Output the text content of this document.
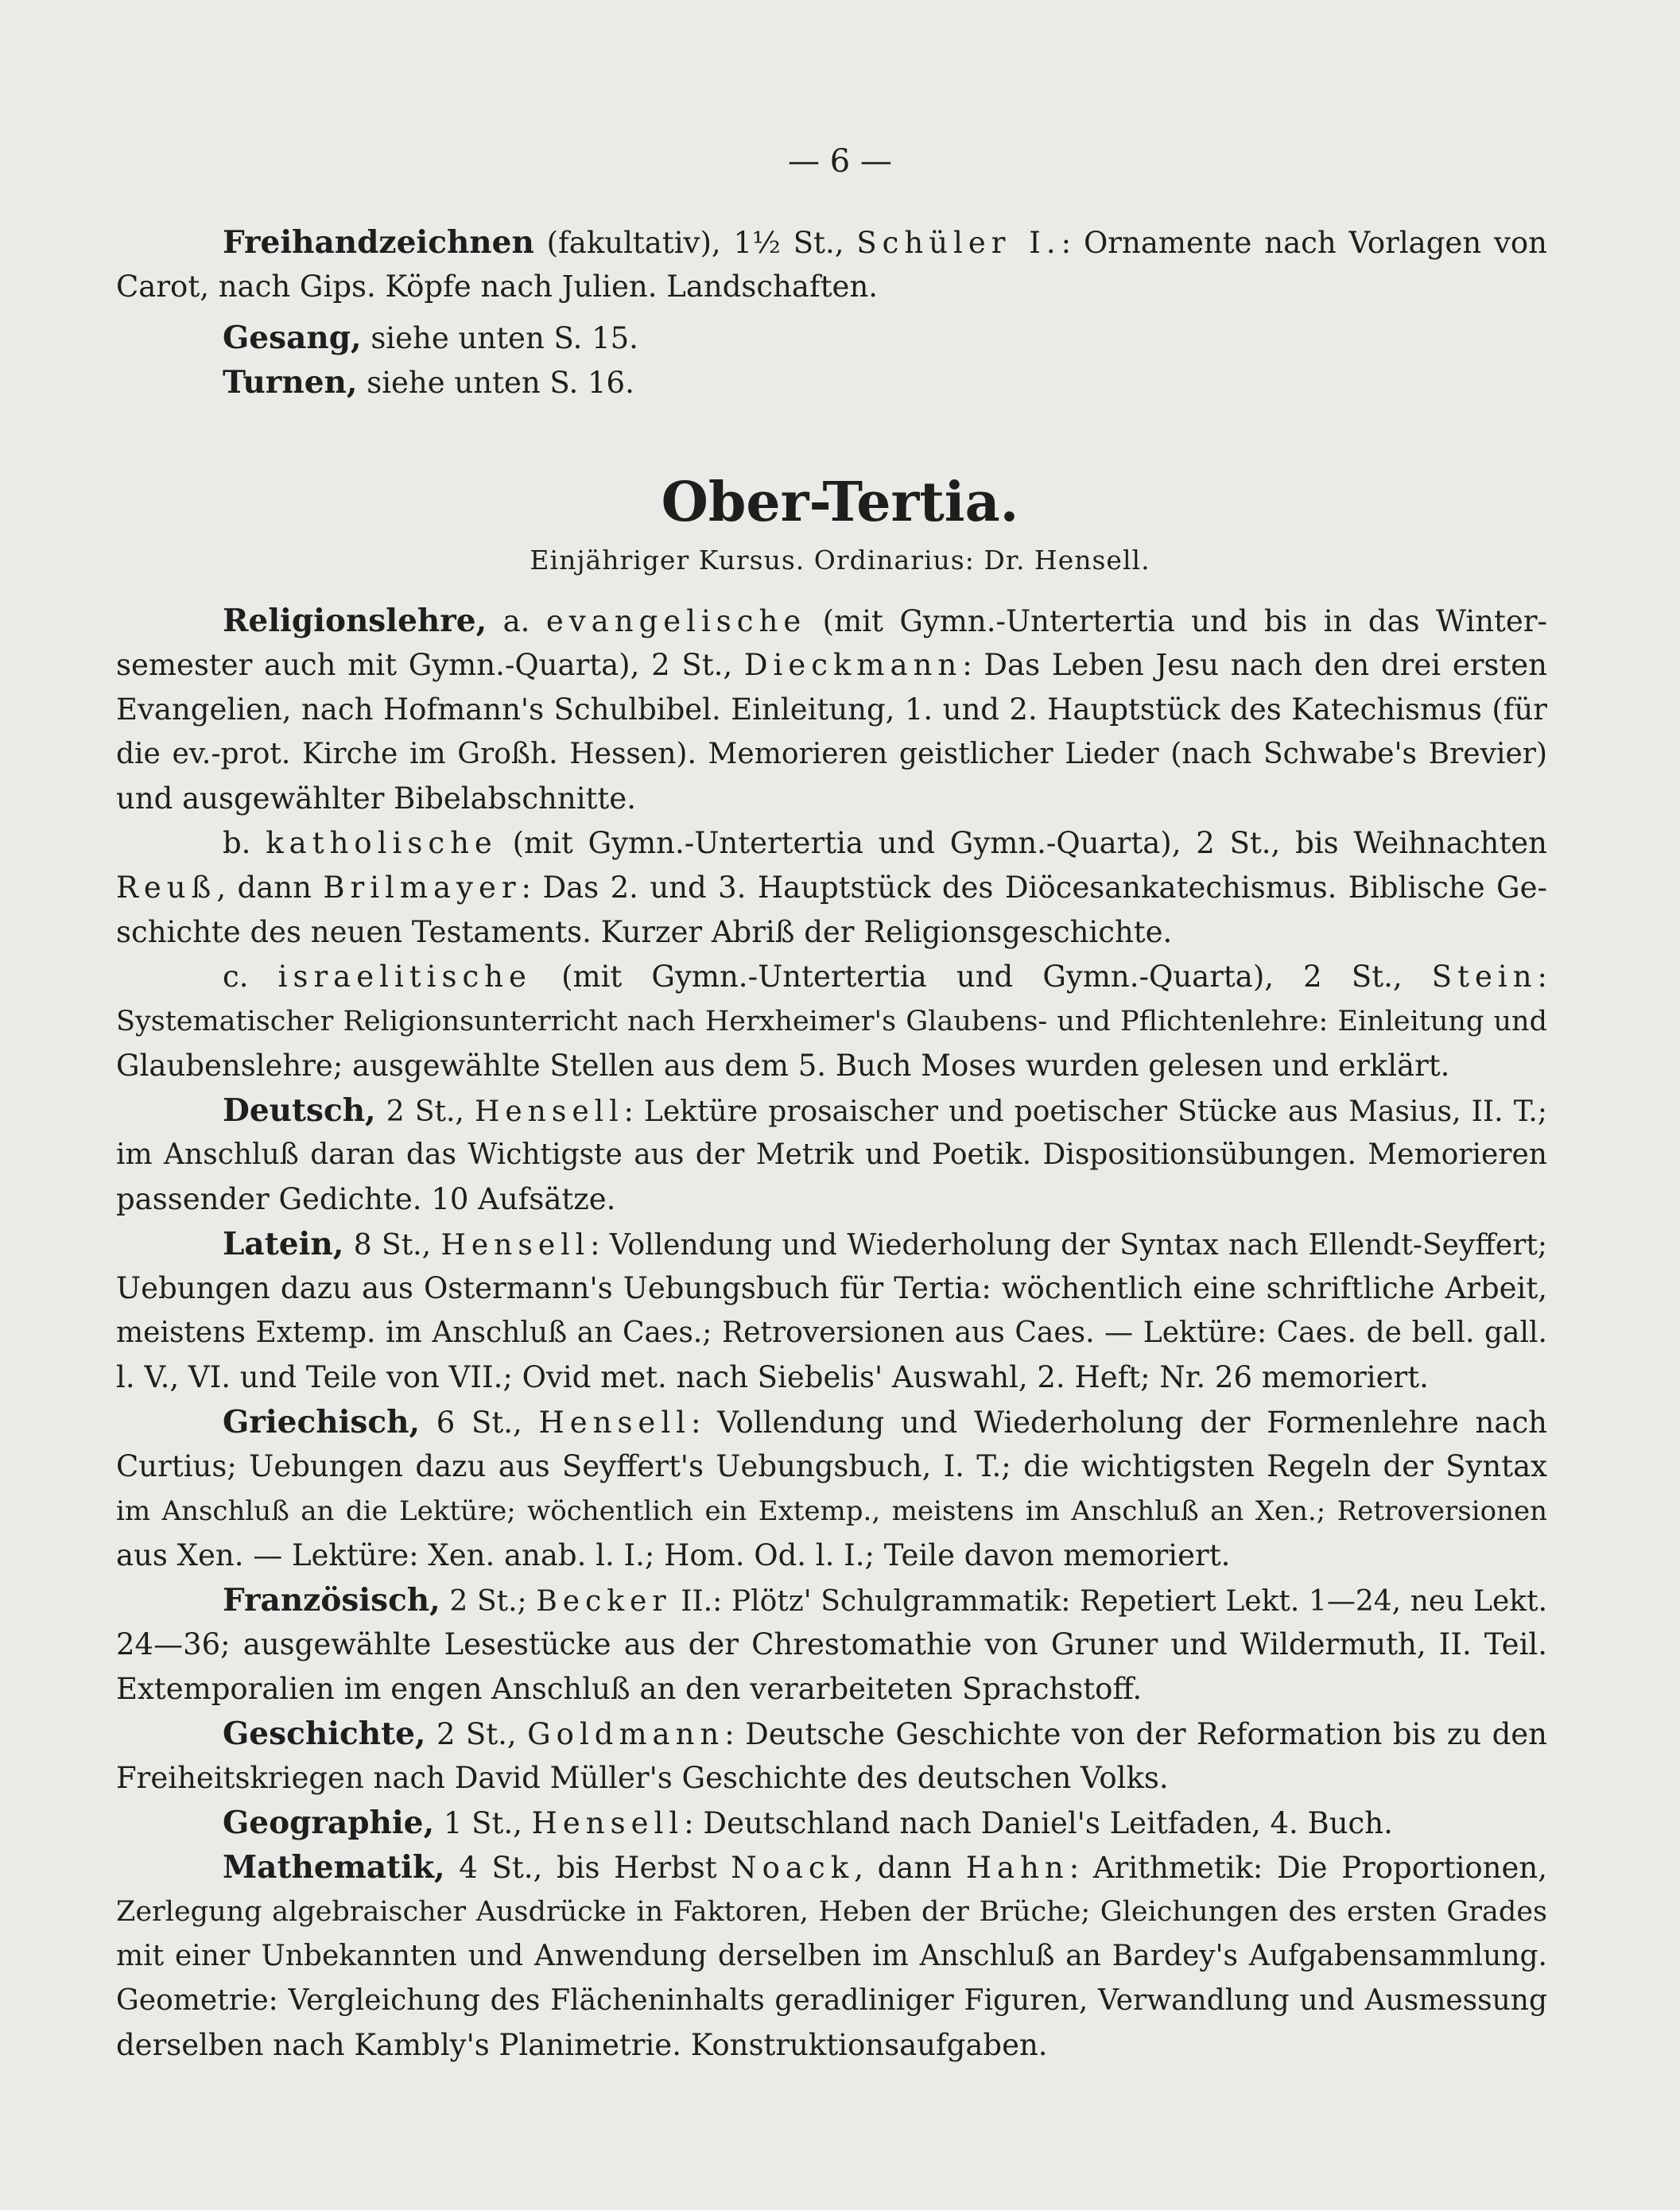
— 6 —
Freihandzeichnen (fakultativ), 1½ St., Schüler I.: Ornamente nach Vorlagen von
Carot, nach Gips. Köpfe nach Julien. Landschaften.
Gesang, siehe unten S. 15.
Turnen, siehe unten S. 16.
Ober-Tertia.
Einjähriger Kursus. Ordinarius: Dr. Hensell.
Religionslehre, a. evangelische (mit Gymn.-Untertertia und bis in das Winter-
semester auch mit Gymn.-Quarta), 2 St., Dieckmann: Das Leben Jesu nach den drei ersten
Evangelien, nach Hofmann's Schulbibel. Einleitung, 1. und 2. Hauptstück des Katechismus (für
die ev.-prot. Kirche im Großh. Hessen). Memorieren geistlicher Lieder (nach Schwabe's Brevier)
und ausgewählter Bibelabschnitte.
b. katholische (mit Gymn.-Untertertia und Gymn.-Quarta), 2 St., bis Weihnachten
Reuß, dann Brilmayer: Das 2. und 3. Hauptstück des Diöcesankatechismus. Biblische Ge-
schichte des neuen Testaments. Kurzer Abriß der Religionsgeschichte.
c. israelitische (mit Gymn.-Untertertia und Gymn.-Quarta), 2 St., Stein:
Systematischer Religionsunterricht nach Herxheimer's Glaubens- und Pflichtenlehre: Einleitung und
Glaubenslehre; ausgewählte Stellen aus dem 5. Buch Moses wurden gelesen und erklärt.
Deutsch, 2 St., Hensell: Lektüre prosaischer und poetischer Stücke aus Masius, II. T.;
im Anschluß daran das Wichtigste aus der Metrik und Poetik. Dispositionsübungen. Memorieren
passender Gedichte. 10 Aufsätze.
Latein, 8 St., Hensell: Vollendung und Wiederholung der Syntax nach Ellendt-Seyffert;
Uebungen dazu aus Ostermann's Uebungsbuch für Tertia: wöchentlich eine schriftliche Arbeit,
meistens Extemp. im Anschluß an Caes.; Retroversionen aus Caes. — Lektüre: Caes. de bell. gall.
l. V., VI. und Teile von VII.; Ovid met. nach Siebelis' Auswahl, 2. Heft; Nr. 26 memoriert.
Griechisch, 6 St., Hensell: Vollendung und Wiederholung der Formenlehre nach
Curtius; Uebungen dazu aus Seyffert's Uebungsbuch, I. T.; die wichtigsten Regeln der Syntax
im Anschluß an die Lektüre; wöchentlich ein Extemp., meistens im Anschluß an Xen.; Retroversionen
aus Xen. — Lektüre: Xen. anab. l. I.; Hom. Od. l. I.; Teile davon memoriert.
Französisch, 2 St.; Becker II.: Plötz' Schulgrammatik: Repetiert Lekt. 1—24, neu Lekt.
24—36; ausgewählte Lesestücke aus der Chrestomathie von Gruner und Wildermuth, II. Teil.
Extemporalien im engen Anschluß an den verarbeiteten Sprachstoff.
Geschichte, 2 St., Goldmann: Deutsche Geschichte von der Reformation bis zu den
Freiheitskriegen nach David Müller's Geschichte des deutschen Volks.
Geographie, 1 St., Hensell: Deutschland nach Daniel's Leitfaden, 4. Buch.
Mathematik, 4 St., bis Herbst Noack, dann Hahn: Arithmetik: Die Proportionen,
Zerlegung algebraischer Ausdrücke in Faktoren, Heben der Brüche; Gleichungen des ersten Grades
mit einer Unbekannten und Anwendung derselben im Anschluß an Bardey's Aufgabensammlung.
Geometrie: Vergleichung des Flächeninhalts geradliniger Figuren, Verwandlung und Ausmessung
derselben nach Kambly's Planimetrie. Konstruktionsaufgaben.
